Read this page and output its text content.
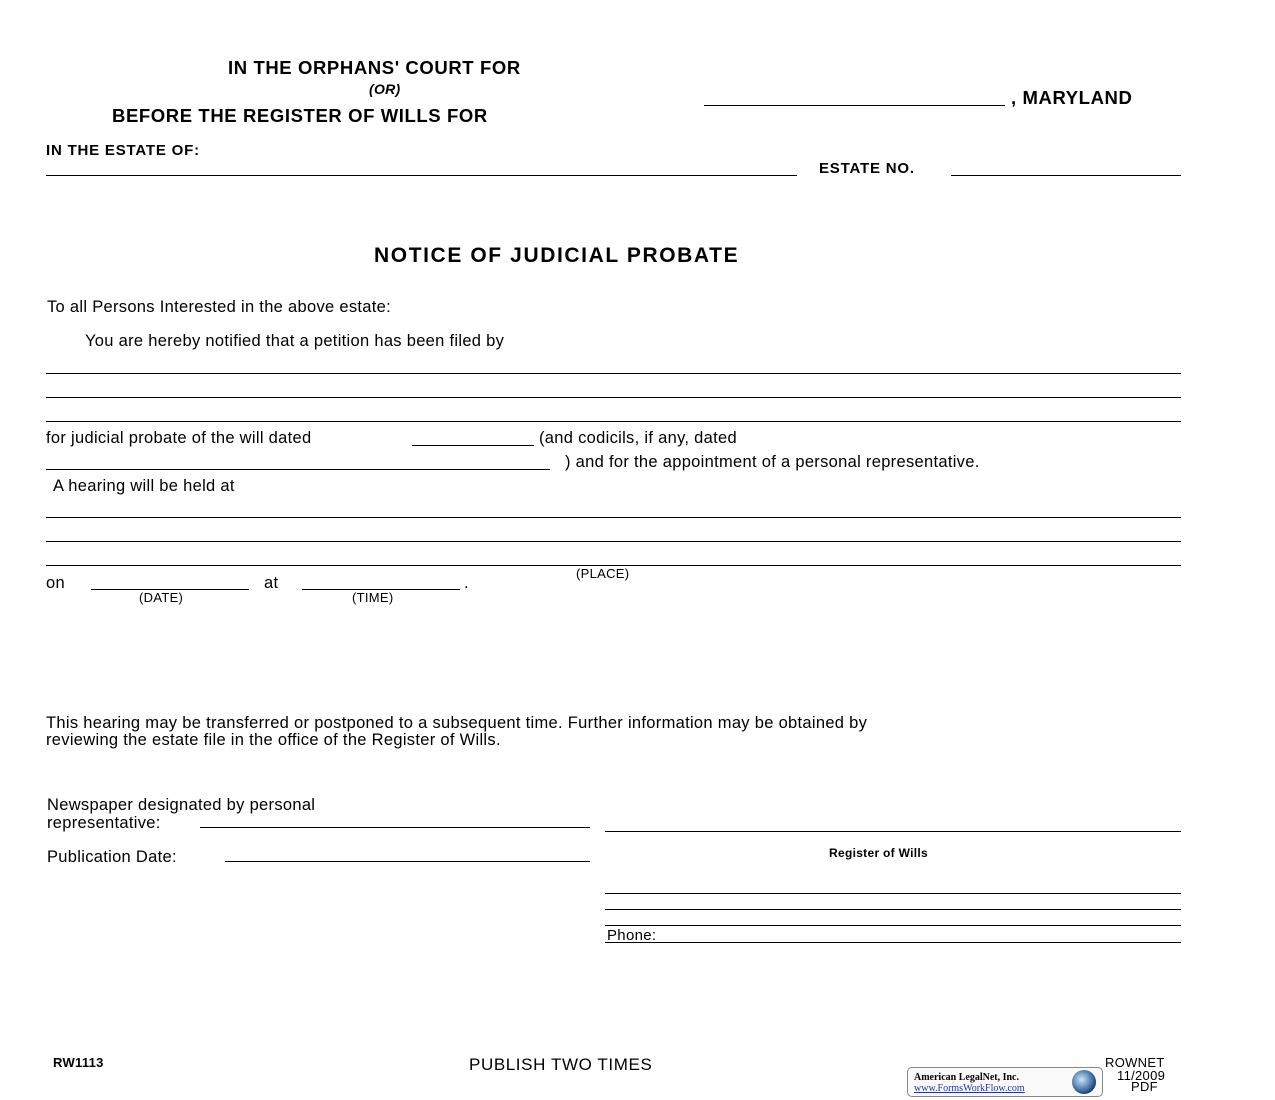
IN THE ORPHANS' COURT FOR
(OR)
BEFORE THE REGISTER OF WILLS FOR
, MARYLAND
IN THE ESTATE OF:
ESTATE NO.
NOTICE OF JUDICIAL PROBATE
To all Persons Interested in the above estate:
You are hereby notified that a petition has been filed by
for judicial probate of the will dated	(and codicils, if any, dated
) and for the appointment of a personal representative.
A hearing will be held at
(PLACE)
on	at	.
(DATE)	(TIME)
This hearing may be transferred or postponed to a subsequent time. Further information may be obtained by
reviewing the estate file in the office of the Register of Wills.
Newspaper designated by personal
representative:
Publication Date:	Register of Wills
Phone:
RW1113	PUBLISH TWO TIMES
American LegalNet, Inc.
www.FormsWorkFlow.com
ROWNET
11/2009
PDF
